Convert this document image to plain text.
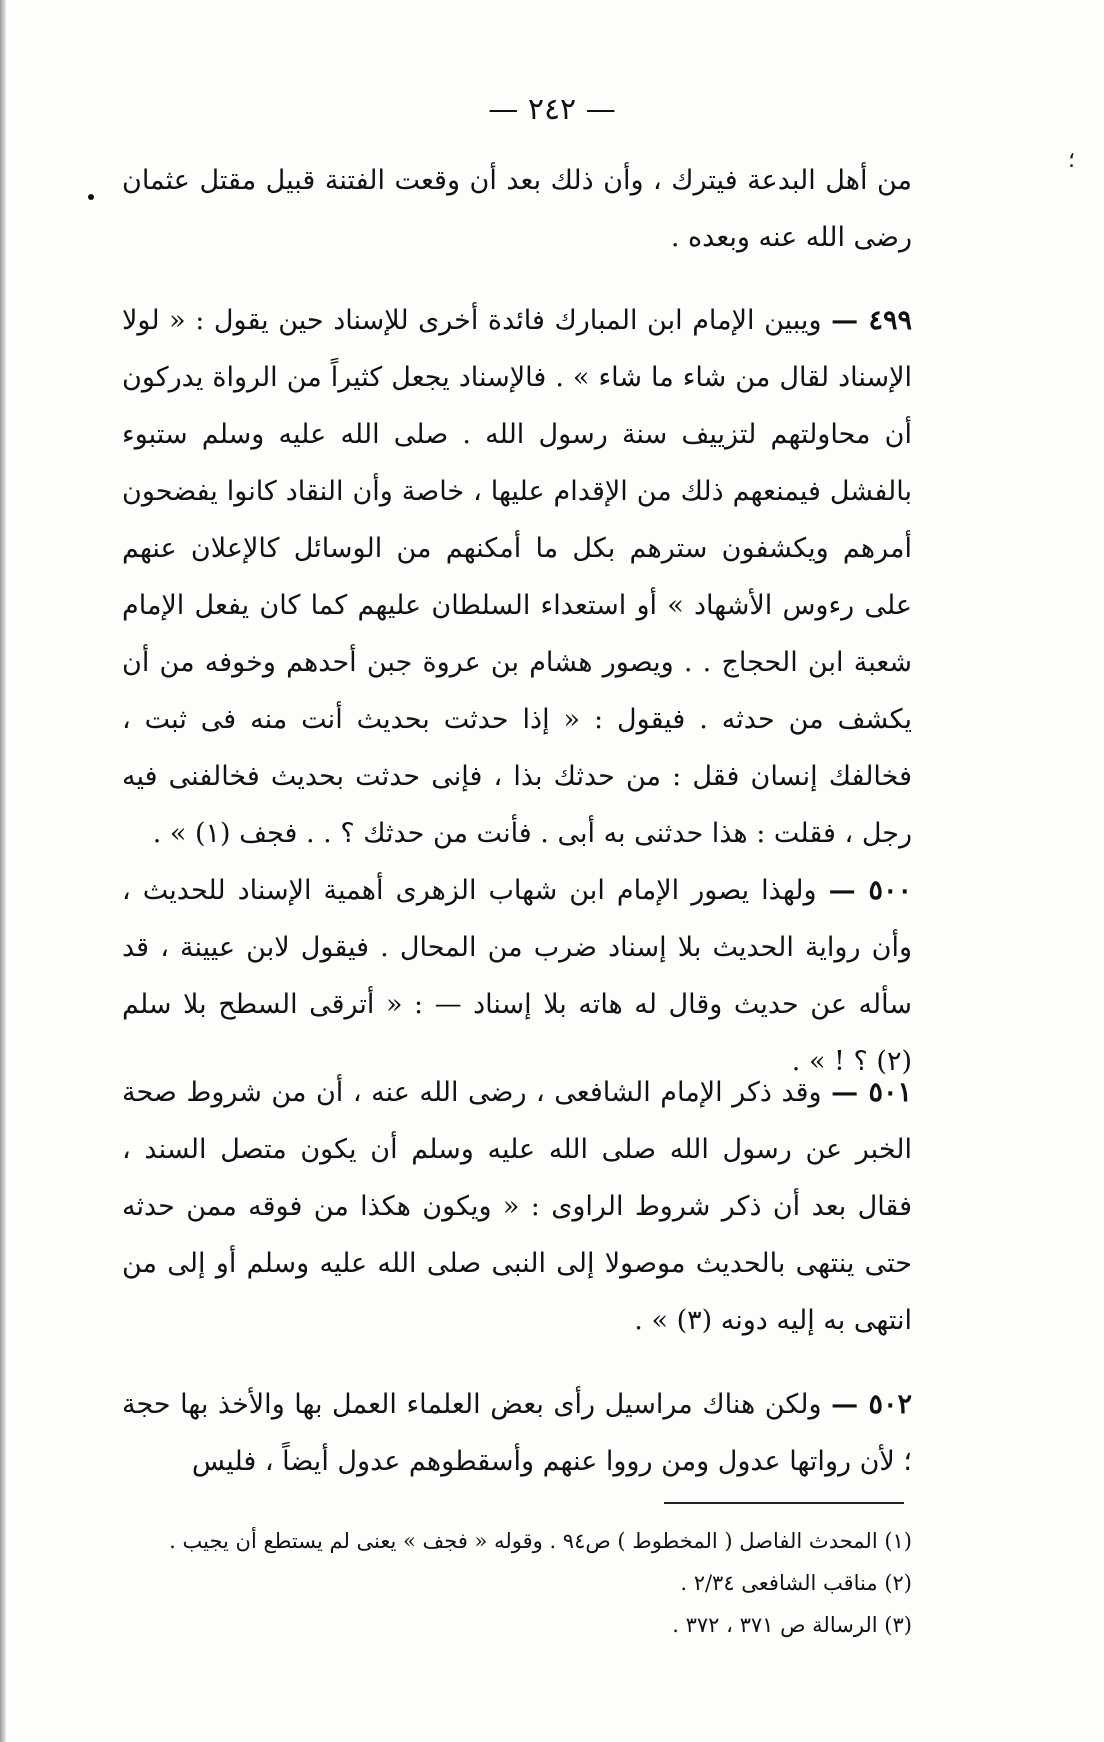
؛
— ٢٤٢ —
من أهل البدعة فيترك ، وأن ذلك بعد أن وقعت الفتنة قبيل مقتل عثمان رضى الله عنه وبعده .
٤٩٩ — ويبين الإمام ابن المبارك فائدة أخرى للإسناد حين يقول : « لولا الإسناد لقال من شاء ما شاء » . فالإسناد يجعل كثيراً من الرواة يدركون أن محاولتهم لتزييف سنة رسول الله . صلى الله عليه وسلم ستبوء بالفشل فيمنعهم ذلك من الإقدام عليها ، خاصة وأن النقاد كانوا يفضحون أمرهم ويكشفون سترهم بكل ما أمكنهم من الوسائل كالإعلان عنهم على رءوس الأشهاد » أو استعداء السلطان عليهم كما كان يفعل الإمام شعبة ابن الحجاج . . ويصور هشام بن عروة جبن أحدهم وخوفه من أن يكشف من حدثه . فيقول : « إذا حدثت بحديث أنت منه فى ثبت ، فخالفك إنسان فقل : من حدثك بذا ، فإنى حدثت بحديث فخالفنى فيه رجل ، فقلت : هذا حدثنى به أبى . فأنت من حدثك ؟ . . فجف (١) » .
٥٠٠ — ولهذا يصور الإمام ابن شهاب الزهرى أهمية الإسناد للحديث ، وأن رواية الحديث بلا إسناد ضرب من المحال . فيقول لابن عيينة ، قد سأله عن حديث وقال له هاته بلا إسناد — : « أترقى السطح بلا سلم (٢) ؟ ! » .
٥٠١ — وقد ذكر الإمام الشافعى ، رضى الله عنه ، أن من شروط صحة الخبر عن رسول الله صلى الله عليه وسلم أن يكون متصل السند ، فقال بعد أن ذكر شروط الراوى : « ويكون هكذا من فوقه ممن حدثه حتى ينتهى بالحديث موصولا إلى النبى صلى الله عليه وسلم أو إلى من انتهى به إليه دونه (٣) » .
٥٠٢ — ولكن هناك مراسيل رأى بعض العلماء العمل بها والأخذ بها حجة ؛ لأن رواتها عدول ومن رووا عنهم وأسقطوهم عدول أيضاً ، فليس
(١) المحدث الفاصل ( المخطوط ) ص٩٤ . وقوله « فجف » يعنى لم يستطع أن يجيب .
(٢) مناقب الشافعى ٢/٣٤ .
(٣) الرسالة ص ٣٧١ ، ٣٧٢ .
